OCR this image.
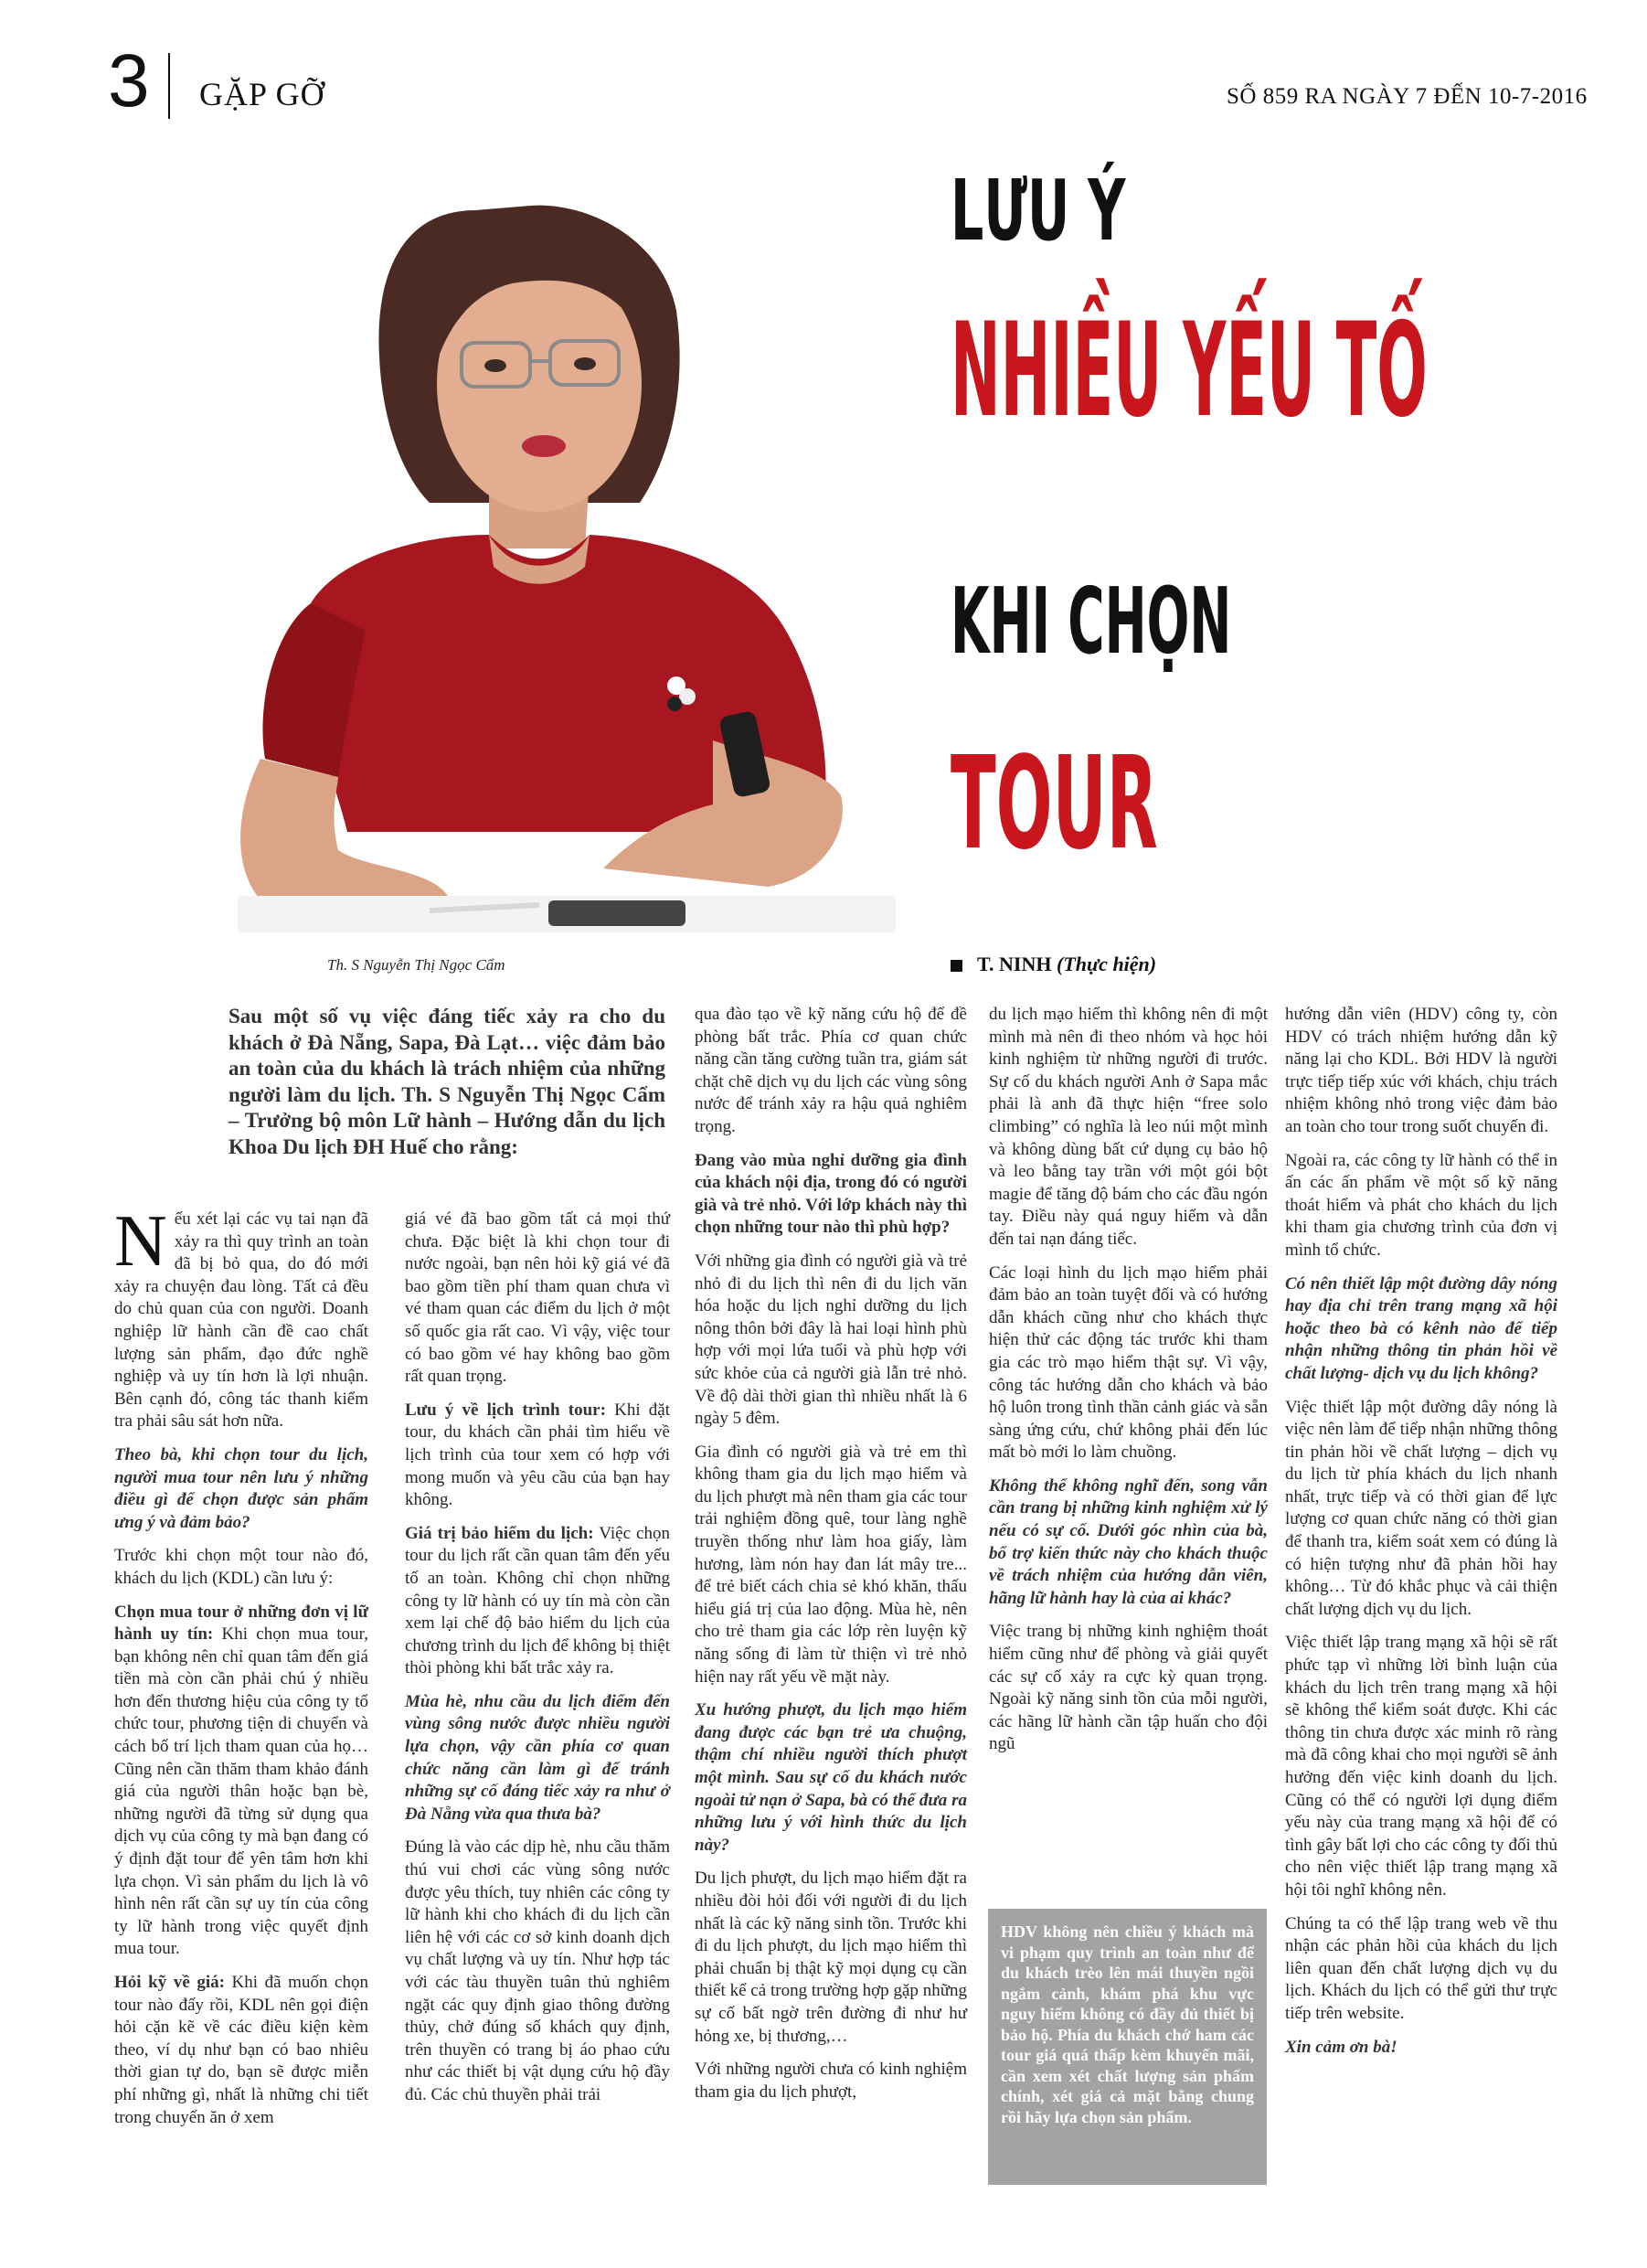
3 GẶP GỠ	SỐ 859 RA NGÀY 7 ĐẾN 10-7-2016
Th. S Nguyễn Thị Ngọc Cẩm
LƯU Ý
NHIỀU YẾU TỐ
KHI CHỌN
TOUR
T. NINH (Thực hiện)
Sau một số vụ việc đáng tiếc xảy ra cho du khách ở Đà Nẵng, Sapa, Đà Lạt… việc đảm bảo an toàn của du khách là trách nhiệm của những người làm du lịch. Th. S Nguyễn Thị Ngọc Cẩm – Trưởng bộ môn Lữ hành – Hướng dẫn du lịch Khoa Du lịch ĐH Huế cho rằng:

Nếu xét lại các vụ tai nạn đã xảy ra thì quy trình an toàn đã bị bỏ qua, do đó mới xảy ra chuyện đau lòng. Tất cả đều do chủ quan của con người. Doanh nghiệp lữ hành cần đề cao chất lượng sản phẩm, đạo đức nghề nghiệp và uy tín hơn là lợi nhuận. Bên cạnh đó, công tác thanh kiểm tra phải sâu sát hơn nữa.

Theo bà, khi chọn tour du lịch, người mua tour nên lưu ý những điều gì để chọn được sản phẩm ưng ý và đảm bảo?

Trước khi chọn một tour nào đó, khách du lịch (KDL) cần lưu ý:

Chọn mua tour ở những đơn vị lữ hành uy tín: Khi chọn mua tour, bạn không nên chỉ quan tâm đến giá tiền mà còn cần phải chú ý nhiều hơn đến thương hiệu của công ty tổ chức tour, phương tiện di chuyển và cách bố trí lịch tham quan của họ… Cũng nên cần thăm tham khảo đánh giá của người thân hoặc bạn bè, những người đã từng sử dụng qua dịch vụ của công ty mà bạn đang có ý định đặt tour để yên tâm hơn khi lựa chọn. Vì sản phẩm du lịch là vô hình nên rất cần sự uy tín của công ty lữ hành trong việc quyết định mua tour.

Hỏi kỹ về giá: Khi đã muốn chọn tour nào đấy rồi, KDL nên gọi điện hỏi cặn kẽ về các điều kiện kèm theo, ví dụ như bạn có bao nhiêu thời gian tự do, bạn sẽ được miễn phí những gì, nhất là những chi tiết trong chuyến ăn ở xem

giá vé đã bao gồm tất cả mọi thứ chưa. Đặc biệt là khi chọn tour đi nước ngoài, bạn nên hỏi kỹ giá vé đã bao gồm tiền phí tham quan chưa vì vé tham quan các điểm du lịch ở một số quốc gia rất cao. Vì vậy, việc tour có bao gồm vé hay không bao gồm rất quan trọng.

Lưu ý về lịch trình tour: Khi đặt tour, du khách cần phải tìm hiểu về lịch trình của tour xem có hợp với mong muốn và yêu cầu của bạn hay không.

Giá trị bảo hiểm du lịch: Việc chọn tour du lịch rất cần quan tâm đến yếu tố an toàn. Không chỉ chọn những công ty lữ hành có uy tín mà còn cần xem lại chế độ bảo hiểm du lịch của chương trình du lịch để không bị thiệt thòi phòng khi bất trắc xảy ra.

Mùa hè, nhu cầu du lịch điểm đến vùng sông nước được nhiều người lựa chọn, vậy cần phía cơ quan chức năng cần làm gì để tránh những sự cố đáng tiếc xảy ra như ở Đà Nẵng vừa qua thưa bà?

Đúng là vào các dịp hè, nhu cầu thăm thú vui chơi các vùng sông nước được yêu thích, tuy nhiên các công ty lữ hành khi cho khách đi du lịch cần liên hệ với các cơ sở kinh doanh dịch vụ chất lượng và uy tín. Như hợp tác với các tàu thuyền tuân thủ nghiêm ngặt các quy định giao thông đường thủy, chở đúng số khách quy định, trên thuyền có trang bị áo phao cứu như các thiết bị vật dụng cứu hộ đầy đủ. Các chủ thuyền phải trải

qua đào tạo về kỹ năng cứu hộ để đề phòng bất trắc. Phía cơ quan chức năng cần tăng cường tuần tra, giám sát chặt chẽ dịch vụ du lịch các vùng sông nước để tránh xảy ra hậu quả nghiêm trọng.

Đang vào mùa nghỉ dưỡng gia đình của khách nội địa, trong đó có người già và trẻ nhỏ. Với lớp khách này thì chọn những tour nào thì phù hợp?

Với những gia đình có người già và trẻ nhỏ đi du lịch thì nên đi du lịch văn hóa hoặc du lịch nghỉ dưỡng du lịch nông thôn bởi đây là hai loại hình phù hợp với mọi lứa tuổi và phù hợp với sức khỏe của cả người già lẫn trẻ nhỏ. Về độ dài thời gian thì nhiều nhất là 6 ngày 5 đêm.

Gia đình có người già và trẻ em thì không tham gia du lịch mạo hiểm và du lịch phượt mà nên tham gia các tour trải nghiệm đồng quê, tour làng nghề truyền thống như làm hoa giấy, làm hương, làm nón hay đan lát mây tre... để trẻ biết cách chia sẻ khó khăn, thấu hiểu giá trị của lao động. Mùa hè, nên cho trẻ tham gia các lớp rèn luyện kỹ năng sống đi làm từ thiện vì trẻ nhỏ hiện nay rất yếu về mặt này.

Xu hướng phượt, du lịch mạo hiểm đang được các bạn trẻ ưa chuộng, thậm chí nhiều người thích phượt một mình. Sau sự cố du khách nước ngoài tử nạn ở Sapa, bà có thể đưa ra những lưu ý với hình thức du lịch này?

Du lịch phượt, du lịch mạo hiểm đặt ra nhiều đòi hỏi đối với người đi du lịch nhất là các kỹ năng sinh tồn. Trước khi đi du lịch phượt, du lịch mạo hiểm thì phải chuẩn bị thật kỹ mọi dụng cụ cần thiết kể cả trong trường hợp gặp những sự cố bất ngờ trên đường đi như hư hỏng xe, bị thương,…

Với những người chưa có kinh nghiệm tham gia du lịch phượt,

du lịch mạo hiểm thì không nên đi một mình mà nên đi theo nhóm và học hỏi kinh nghiệm từ những người đi trước. Sự cố du khách người Anh ở Sapa mắc phải là anh đã thực hiện “free solo climbing” có nghĩa là leo núi một mình và không dùng bất cứ dụng cụ bảo hộ và leo bằng tay trần với một gói bột magie để tăng độ bám cho các đầu ngón tay. Điều này quá nguy hiểm và dẫn đến tai nạn đáng tiếc.

Các loại hình du lịch mạo hiểm phải đảm bảo an toàn tuyệt đối và có hướng dẫn khách cũng như cho khách thực hiện thử các động tác trước khi tham gia các trò mạo hiểm thật sự. Vì vậy, công tác hướng dẫn cho khách và bảo hộ luôn trong tình thần cảnh giác và sẵn sàng ứng cứu, chứ không phải đến lúc mất bò mới lo làm chuồng.

Không thể không nghĩ đến, song vẫn cần trang bị những kinh nghiệm xử lý nếu có sự cố. Dưới góc nhìn của bà, bổ trợ kiến thức này cho khách thuộc về trách nhiệm của hướng dẫn viên, hãng lữ hành hay là của ai khác?

Việc trang bị những kinh nghiệm thoát hiểm cũng như để phòng và giải quyết các sự cố xảy ra cực kỳ quan trọng. Ngoài kỹ năng sinh tồn của mỗi người, các hãng lữ hành cần tập huấn cho đội ngũ

HDV không nên chiều ý khách mà vi phạm quy trình an toàn như để du khách trèo lên mái thuyền ngồi ngắm cảnh, khám phá khu vực nguy hiểm không có đầy đủ thiết bị bảo hộ. Phía du khách chớ ham các tour giá quá thấp kèm khuyến mãi, cần xem xét chất lượng sản phẩm chính, xét giá cả mặt bằng chung rồi hãy lựa chọn sản phẩm.

hướng dẫn viên (HDV) công ty, còn HDV có trách nhiệm hướng dẫn kỹ năng lại cho KDL. Bởi HDV là người trực tiếp tiếp xúc với khách, chịu trách nhiệm không nhỏ trong việc đảm bảo an toàn cho tour trong suốt chuyến đi.

Ngoài ra, các công ty lữ hành có thể in ấn các ấn phẩm về một số kỹ năng thoát hiểm và phát cho khách du lịch khi tham gia chương trình của đơn vị mình tổ chức.

Có nên thiết lập một đường dây nóng hay địa chỉ trên trang mạng xã hội hoặc theo bà có kênh nào để tiếp nhận những thông tin phản hồi về chất lượng- dịch vụ du lịch không?

Việc thiết lập một đường dây nóng là việc nên làm để tiếp nhận những thông tin phản hồi về chất lượng – dịch vụ du lịch từ phía khách du lịch nhanh nhất, trực tiếp và có thời gian để lực lượng cơ quan chức năng có thời gian để thanh tra, kiểm soát xem có đúng là có hiện tượng như đã phản hồi hay không… Từ đó khắc phục và cải thiện chất lượng dịch vụ du lịch.

Việc thiết lập trang mạng xã hội sẽ rất phức tạp vì những lời bình luận của khách du lịch trên trang mạng xã hội sẽ không thể kiểm soát được. Khi các thông tin chưa được xác minh rõ ràng mà đã công khai cho mọi người sẽ ảnh hưởng đến việc kinh doanh du lịch. Cũng có thể có người lợi dụng điểm yếu này của trang mạng xã hội để có tình gây bất lợi cho các công ty đối thủ cho nên việc thiết lập trang mạng xã hội tôi nghĩ không nên.

Chúng ta có thể lập trang web về thu nhận các phản hồi của khách du lịch liên quan đến chất lượng dịch vụ du lịch. Khách du lịch có thể gửi thư trực tiếp trên website.

Xin cảm ơn bà!
